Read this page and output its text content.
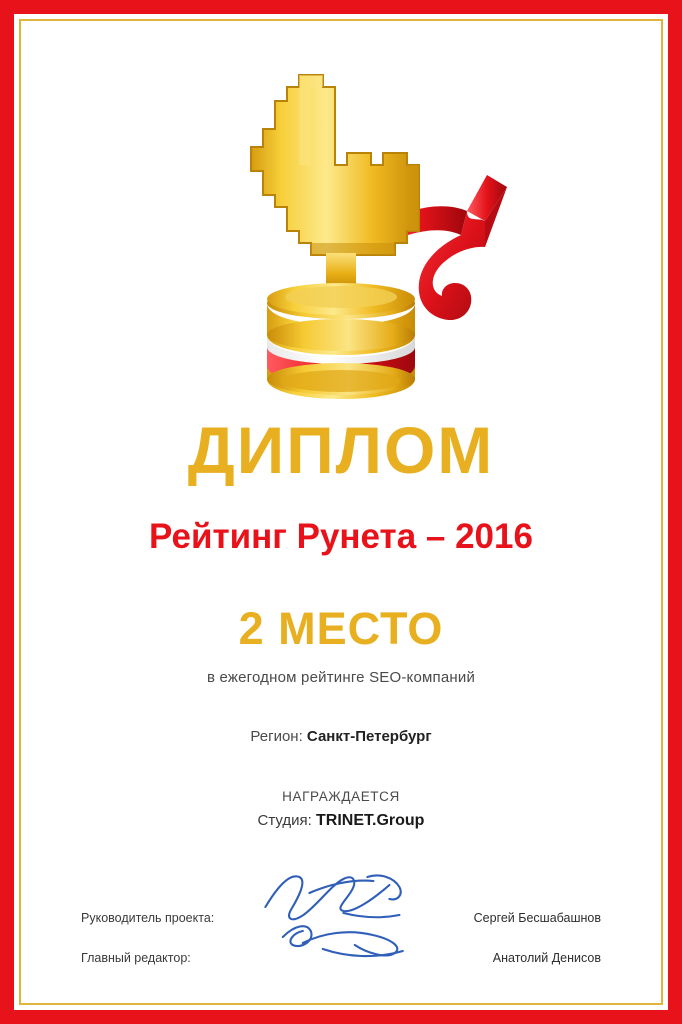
ДИПЛОМ
Рейтинг Рунета – 2016
2 МЕСТО
в ежегодном рейтинге SEO-компаний
Регион: Санкт-Петербург
НАГРАЖДАЕТСЯ
Студия: TRINET.Group
Руководитель проекта:	Сергей Бесшабашнов
Главный редактор:	Анатолий Денисов
